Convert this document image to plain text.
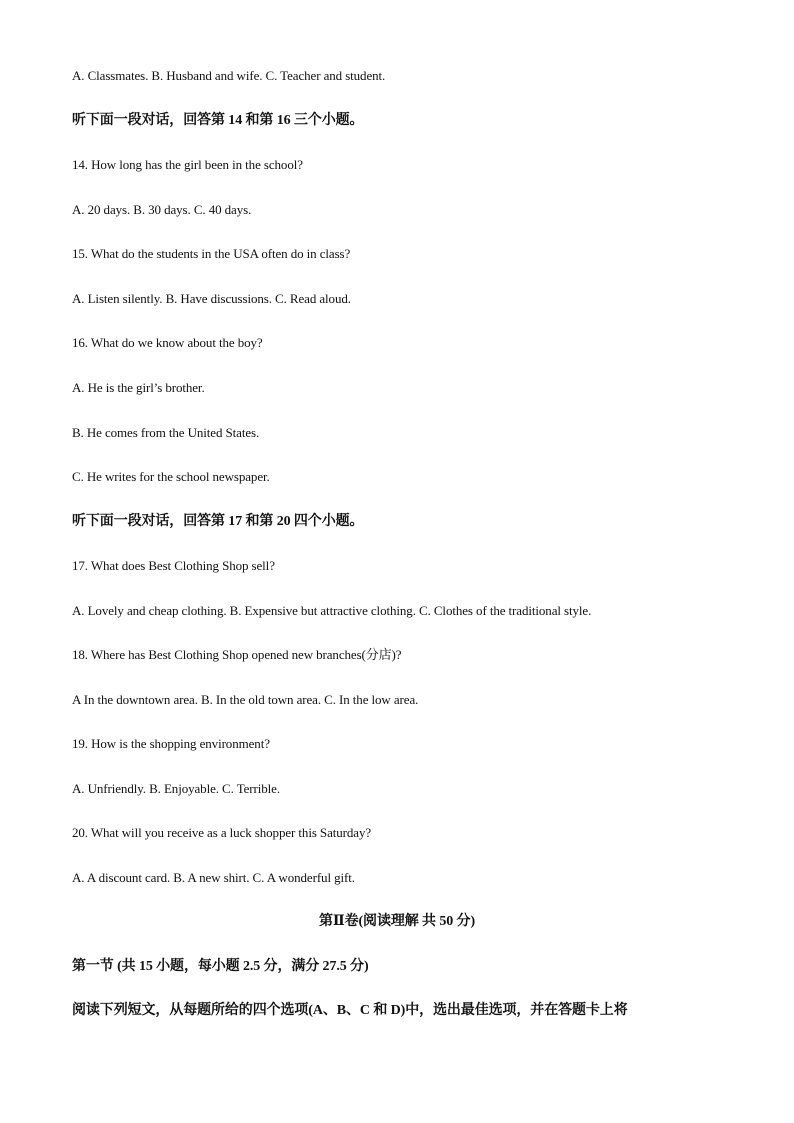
A. Classmates. B. Husband and wife. C. Teacher and student.
听下面一段对话，回答第 14 和第 16 三个小题。
14. How long has the girl been in the school?
A. 20 days. B. 30 days. C. 40 days.
15. What do the students in the USA often do in class?
A. Listen silently. B. Have discussions. C. Read aloud.
16. What do we know about the boy?
A. He is the girl’s brother.
B. He comes from the United States.
C. He writes for the school newspaper.
听下面一段对话，回答第 17 和第 20 四个小题。
17. What does Best Clothing Shop sell?
A. Lovely and cheap clothing. B. Expensive but attractive clothing. C. Clothes of the traditional style.
18. Where has Best Clothing Shop opened new branches(分店)?
A In the downtown area. B. In the old town area. C. In the low area.
19. How is the shopping environment?
A. Unfriendly. B. Enjoyable. C. Terrible.
20. What will you receive as a luck shopper this Saturday?
A. A discount card. B. A new shirt. C. A wonderful gift.
第Ⅱ卷(阅读理解 共 50 分)
第一节 (共 15 小题，每小题 2.5 分，满分 27.5 分)
阅读下列短文，从每题所给的四个选项(A、B、C 和 D)中，选出最佳选项，并在答题卡上将
